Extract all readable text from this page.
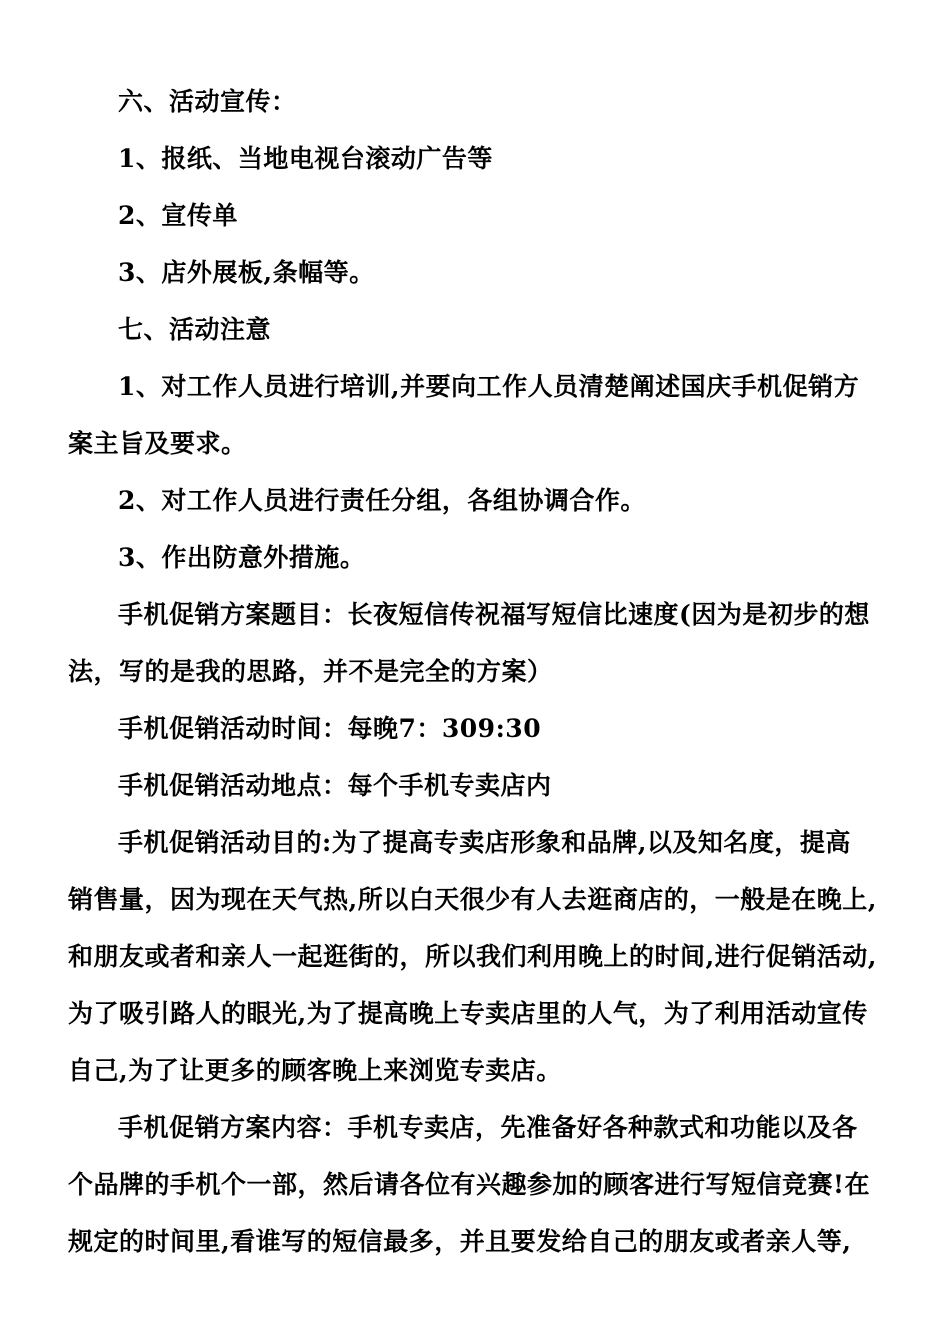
六、活动宣传：
1、报纸、当地电视台滚动广告等
2、宣传单
3、店外展板,条幅等。
七、活动注意
1、对工作人员进行培训,并要向工作人员清楚阐述国庆手机促销方
案主旨及要求。
2、对工作人员进行责任分组，各组协调合作。
3、作出防意外措施。
手机促销方案题目：长夜短信传祝福写短信比速度(因为是初步的想
法，写的是我的思路，并不是完全的方案）
手机促销活动时间：每晚7：309:30
手机促销活动地点：每个手机专卖店内
手机促销活动目的:为了提高专卖店形象和品牌,以及知名度，提高
销售量，因为现在天气热,所以白天很少有人去逛商店的，一般是在晚上,
和朋友或者和亲人一起逛街的，所以我们利用晚上的时间,进行促销活动,
为了吸引路人的眼光,为了提高晚上专卖店里的人气，为了利用活动宣传
自己,为了让更多的顾客晚上来浏览专卖店。
手机促销方案内容：手机专卖店，先准备好各种款式和功能以及各
个品牌的手机个一部，然后请各位有兴趣参加的顾客进行写短信竞赛!在
规定的时间里,看谁写的短信最多，并且要发给自己的朋友或者亲人等,
